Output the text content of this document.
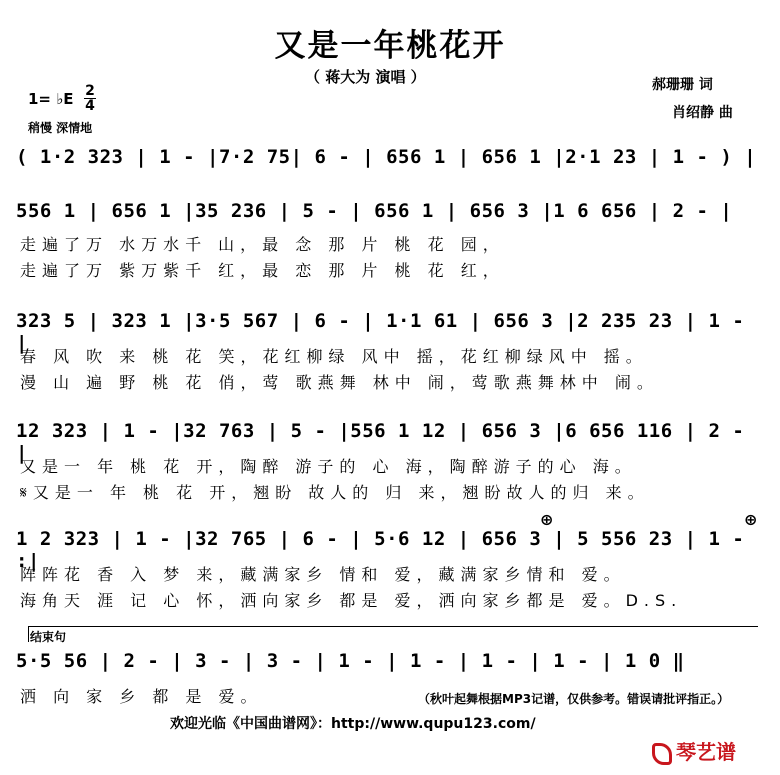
又是一年桃花开
（ 蒋大为 演唱 ）	郝珊珊 词
肖绍静 曲
1= ♭E 2
4
稍慢 深情地
( 1·2 323 | 1 - |7·2 75| 6 - | 656 1 | 656 1 |2·1 23 | 1 - ) |
556 1 | 656 1 |35 236 | 5 - | 656 1 | 656 3 |1 6 656 | 2 - |
走遍了万 水万水千 山，最 念 那 片 桃 花 园，
走遍了万 紫万紫千 红，最 恋 那 片 桃 花 红，
323 5 | 323 1 |3·5 567 | 6 - | 1·1 61 | 656 3 |2 235 23 | 1 - |
春 风 吹 来 桃 花 笑，花红柳绿 风中 摇，花红柳绿风中 摇。
漫 山 遍 野 桃 花 俏，莺 歌燕舞 林中 闹，莺歌燕舞林中 闹。
12 323 | 1 - |32 763 | 5 - |556 1 12 | 656 3 |6 656 116 | 2 - |
又是一 年 桃 花 开，陶醉 游子的 心 海，陶醉游子的心 海。
𝄋又是一 年 桃 花 开，翘盼 故人的 归 来，翘盼故人的归 来。
⊕	⊕
1 2 323 | 1 - |32 765 | 6 - | 5·6 12 | 656 3 | 5 556 23 | 1 - :|
阵阵花 香 入 梦 来，藏满家乡 情和 爱，藏满家乡情和 爱。
海角天 涯 记 心 怀，洒向家乡 都是 爱，洒向家乡都是 爱。D.S.
结束句
5·5 56 | 2 - | 3 - | 3 - | 1 - | 1 - | 1 - | 1 - | 1 0 ‖
洒 向 家 乡 都 是 爱。	（秋叶起舞根据MP3记谱，仅供参考。错误请批评指正。）
欢迎光临《中国曲谱网》：http://www.qupu123.com/
琴艺谱
